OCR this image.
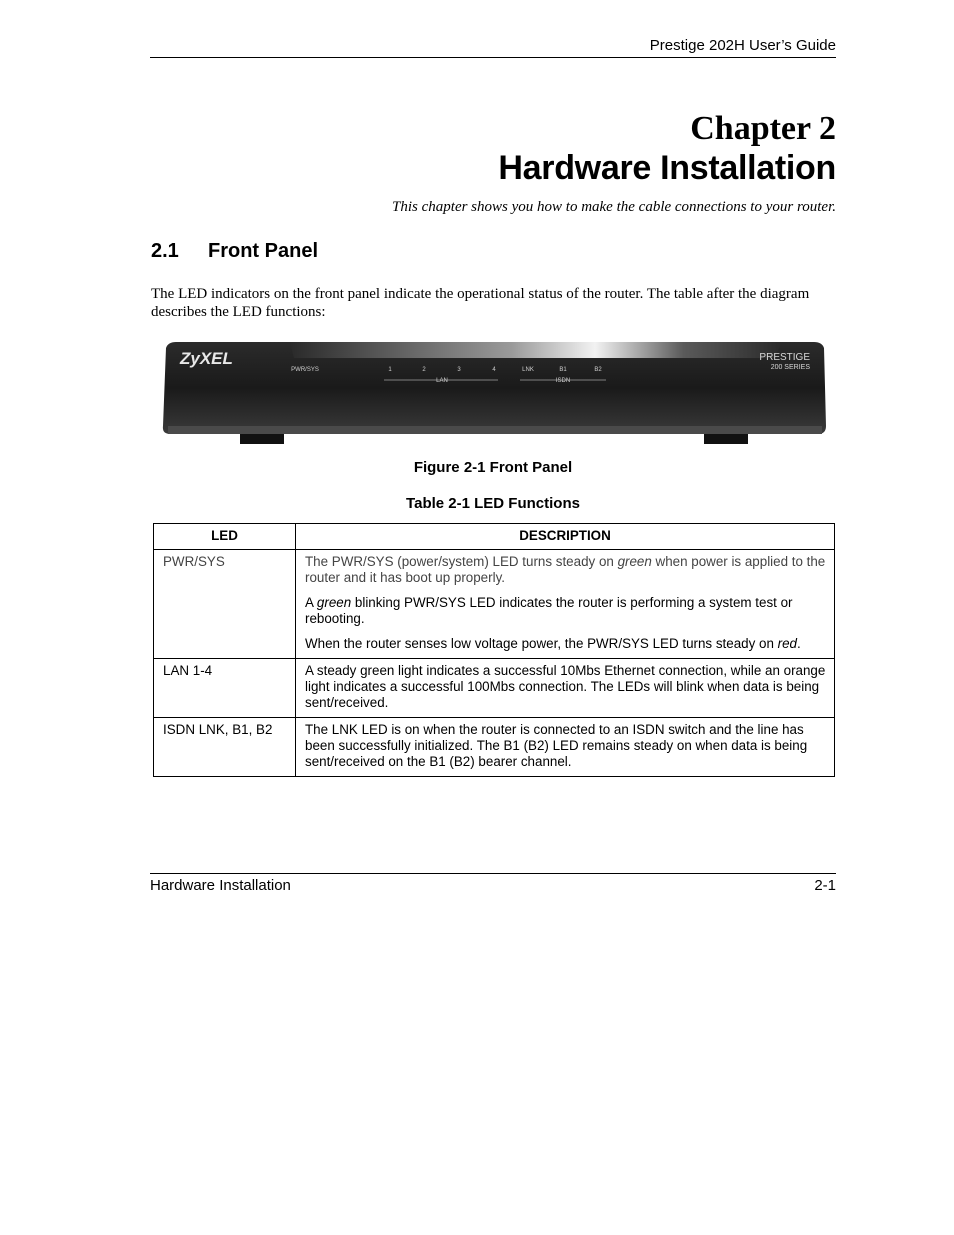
Prestige 202H User’s Guide
Chapter 2
Hardware Installation
This chapter shows you how to make the cable connections to your router.
2.1 Front Panel
The LED indicators on the front panel indicate the operational status of the router. The table after the diagram describes the LED functions:
ZyXEL	PRESTIGE
200 SERIES
PWR/SYS	1	2	3	4	LNK	B1	B2
LAN	ISDN
Figure 2-1 Front Panel
Table 2-1 LED Functions
LED	DESCRIPTION
PWR/SYS	The PWR/SYS (power/system) LED turns steady on green when power is applied to the router and it has boot up properly.

A green blinking PWR/SYS LED indicates the router is performing a system test or rebooting.

When the router senses low voltage power, the PWR/SYS LED turns steady on red.

LAN 1-4	A steady green light indicates a successful 10Mbs Ethernet connection, while an orange light indicates a successful 100Mbs connection. The LEDs will blink when data is being sent/received.
ISDN LNK, B1, B2	The LNK LED is on when the router is connected to an ISDN switch and the line has been successfully initialized. The B1 (B2) LED remains steady on when data is being sent/received on the B1 (B2) bearer channel.
Hardware Installation	2-1
